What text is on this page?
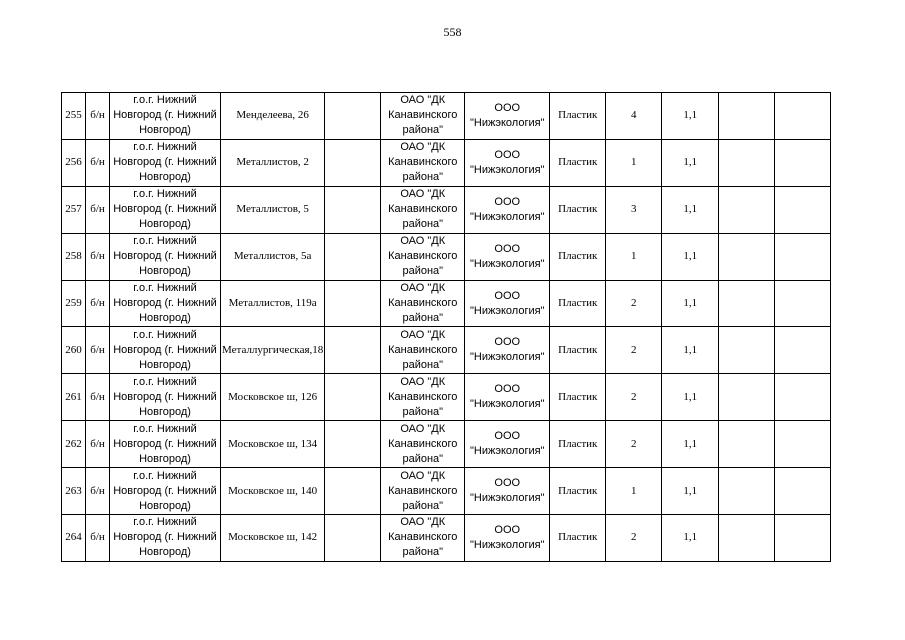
558
255	б/н	г.о.г. Нижний Новгород (г. Нижний Новгород)	Менделеева, 26		ОАО "ДК Канавинского района"	ООО "Нижэкология"	Пластик	4	1,1		
256	б/н	г.о.г. Нижний Новгород (г. Нижний Новгород)	Металлистов, 2		ОАО "ДК Канавинского района"	ООО "Нижэкология"	Пластик	1	1,1		
257	б/н	г.о.г. Нижний Новгород (г. Нижний Новгород)	Металлистов, 5		ОАО "ДК Канавинского района"	ООО "Нижэкология"	Пластик	3	1,1		
258	б/н	г.о.г. Нижний Новгород (г. Нижний Новгород)	Металлистов, 5а		ОАО "ДК Канавинского района"	ООО "Нижэкология"	Пластик	1	1,1		
259	б/н	г.о.г. Нижний Новгород (г. Нижний Новгород)	Металлистов, 119а		ОАО "ДК Канавинского района"	ООО "Нижэкология"	Пластик	2	1,1		
260	б/н	г.о.г. Нижний Новгород (г. Нижний Новгород)	Металлургическая,18		ОАО "ДК Канавинского района"	ООО "Нижэкология"	Пластик	2	1,1		
261	б/н	г.о.г. Нижний Новгород (г. Нижний Новгород)	Московское ш, 126		ОАО "ДК Канавинского района"	ООО "Нижэкология"	Пластик	2	1,1		
262	б/н	г.о.г. Нижний Новгород (г. Нижний Новгород)	Московское ш, 134		ОАО "ДК Канавинского района"	ООО "Нижэкология"	Пластик	2	1,1		
263	б/н	г.о.г. Нижний Новгород (г. Нижний Новгород)	Московское ш, 140		ОАО "ДК Канавинского района"	ООО "Нижэкология"	Пластик	1	1,1		
264	б/н	г.о.г. Нижний Новгород (г. Нижний Новгород)	Московское ш, 142		ОАО "ДК Канавинского района"	ООО "Нижэкология"	Пластик	2	1,1		
